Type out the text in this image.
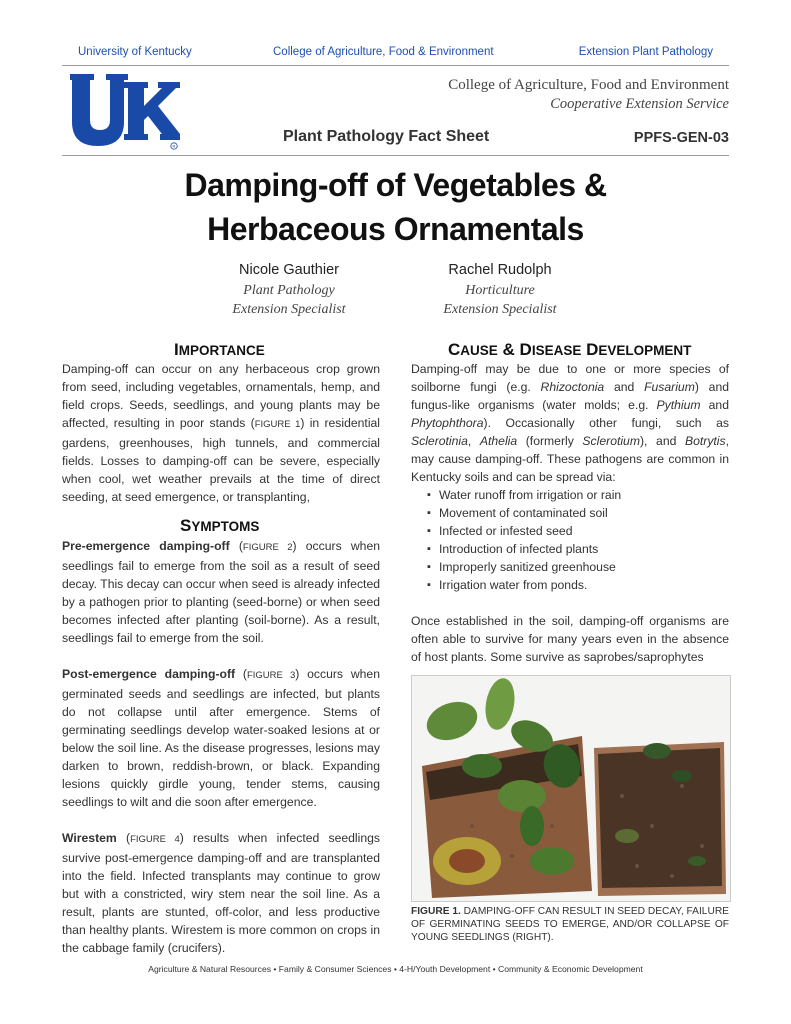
University of Kentucky	College of Agriculture, Food & Environment	Extension Plant Pathology
R
College of Agriculture, Food and Environment
Cooperative Extension Service
Plant Pathology Fact Sheet	PPFS-GEN-03
Damping-off of Vegetables &
Herbaceous Ornamentals
Nicole Gauthier
Plant Pathology
Extension Specialist
Rachel Rudolph
Horticulture
Extension Specialist
IMPORTANCE

Damping-off can occur on any herbaceous crop grown from seed, including vegetables, ornamentals, hemp, and field crops. Seeds, seedlings, and young plants may be affected, resulting in poor stands (FIGURE 1) in residential gardens, greenhouses, high tunnels, and commercial fields. Losses to damping-off can be severe, especially when cool, wet weather prevails at the time of direct seeding, at seed emergence, or transplanting,

SYMPTOMS

Pre-emergence damping-off (FIGURE 2) occurs when seedlings fail to emerge from the soil as a result of seed decay. This decay can occur when seed is already infected by a pathogen prior to planting (seed-borne) or when seed becomes infected after planting (soil-borne). As a result, seedlings fail to emerge from the soil.

Post-emergence damping-off (FIGURE 3) occurs when germinated seeds and seedlings are infected, but plants do not collapse until after emergence. Stems of germinating seedlings develop water-soaked lesions at or below the soil line. As the disease progresses, lesions may darken to brown, reddish-brown, or black. Expanding lesions quickly girdle young, tender stems, causing seedlings to wilt and die soon after emergence.

Wirestem (FIGURE 4) results when infected seedlings survive post-emergence damping-off and are transplanted into the field. Infected transplants may continue to grow but with a constricted, wiry stem near the soil line. As a result, plants are stunted, off-color, and less productive than healthy plants. Wirestem is more common on crops in the cabbage family (crucifers).

CAUSE & DISEASE DEVELOPMENT

Damping-off may be due to one or more species of soilborne fungi (e.g. Rhizoctonia and Fusarium) and fungus-like organisms (water molds; e.g. Pythium and Phytophthora). Occasionally other fungi, such as Sclerotinia, Athelia (formerly Sclerotium), and Botrytis, may cause damping-off. These pathogens are common in Kentucky soils and can be spread via:

▪ Water runoff from irrigation or rain
▪ Movement of contaminated soil
▪ Infected or infested seed
▪ Introduction of infected plants
▪ Improperly sanitized greenhouse
▪ Irrigation water from ponds.

Once established in the soil, damping-off organisms are often able to survive for many years even in the absence of host plants. Some survive as saprobes/saprophytes

FIGURE 1. DAMPING-OFF CAN RESULT IN SEED DECAY, FAILURE OF GERMINATING SEEDS TO EMERGE, AND/OR COLLAPSE OF YOUNG SEEDLINGS (RIGHT).
Agriculture & Natural Resources • Family & Consumer Sciences • 4-H/Youth Development • Community & Economic Development
